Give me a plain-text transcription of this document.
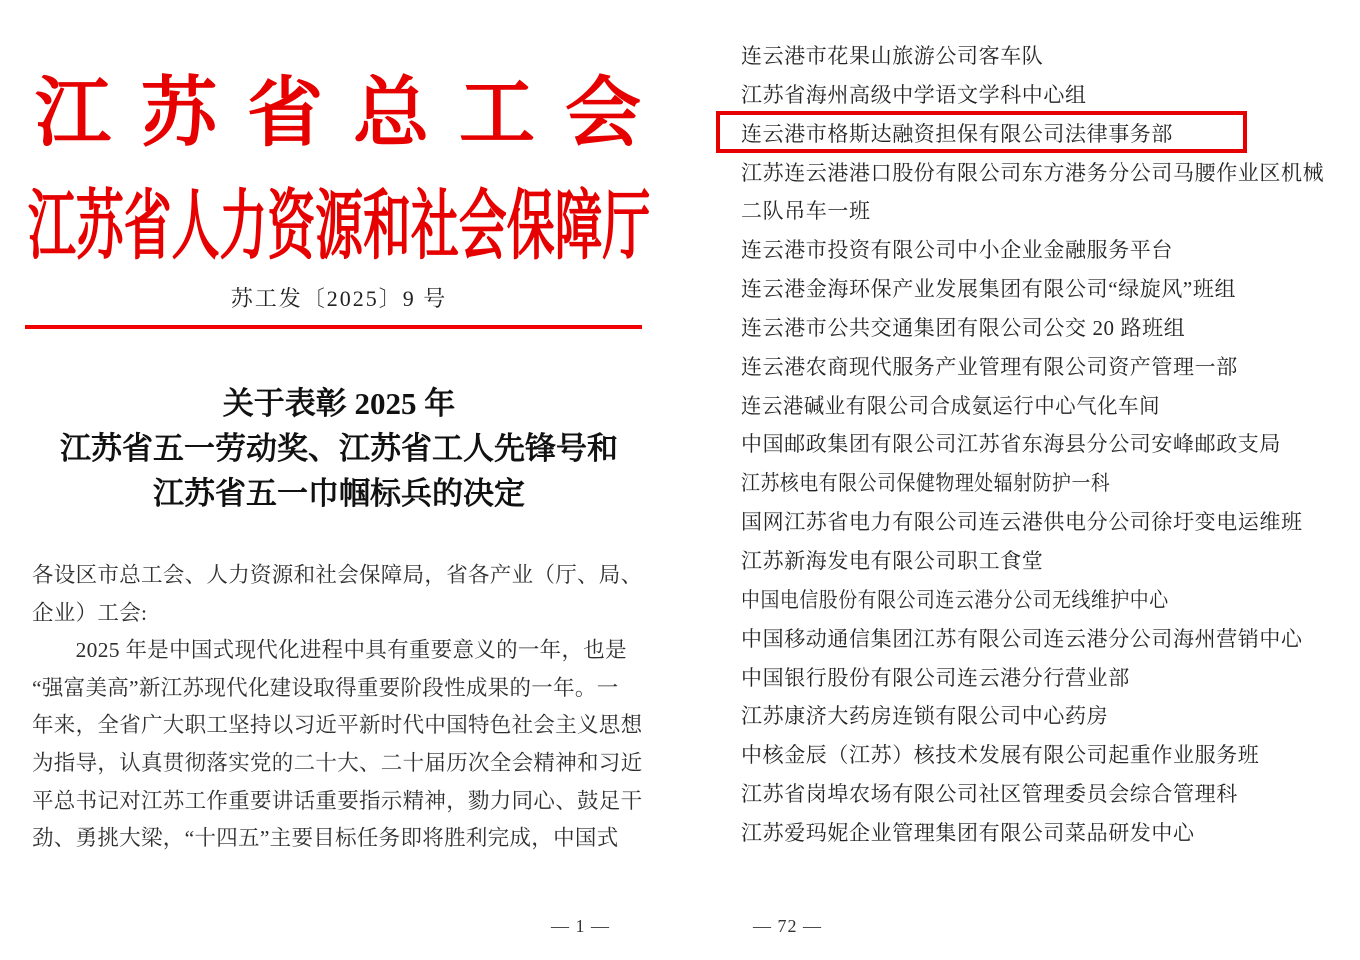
江苏省总工会
江苏省人力资源和社会保障厅
苏工发〔2025〕9 号
关于表彰 2025 年
江苏省五一劳动奖、江苏省工人先锋号和
江苏省五一巾帼标兵的决定
各设区市总工会、人力资源和社会保障局，省各产业（厅、局、
企业）工会:
　　2025 年是中国式现代化进程中具有重要意义的一年，也是
“强富美高”新江苏现代化建设取得重要阶段性成果的一年。一
年来，全省广大职工坚持以习近平新时代中国特色社会主义思想
为指导，认真贯彻落实党的二十大、二十届历次全会精神和习近
平总书记对江苏工作重要讲话重要指示精神，勠力同心、鼓足干
劲、勇挑大梁，“十四五”主要目标任务即将胜利完成，中国式
— 1 —
连云港市花果山旅游公司客车队
江苏省海州高级中学语文学科中心组
连云港市格斯达融资担保有限公司法律事务部
江苏连云港港口股份有限公司东方港务分公司马腰作业区机械
二队吊车一班
连云港市投资有限公司中小企业金融服务平台
连云港金海环保产业发展集团有限公司“绿旋风”班组
连云港市公共交通集团有限公司公交 20 路班组
连云港农商现代服务产业管理有限公司资产管理一部
连云港碱业有限公司合成氨运行中心气化车间
中国邮政集团有限公司江苏省东海县分公司安峰邮政支局
江苏核电有限公司保健物理处辐射防护一科
国网江苏省电力有限公司连云港供电分公司徐圩变电运维班
江苏新海发电有限公司职工食堂
中国电信股份有限公司连云港分公司无线维护中心
中国移动通信集团江苏有限公司连云港分公司海州营销中心
中国银行股份有限公司连云港分行营业部
江苏康济大药房连锁有限公司中心药房
中核金辰（江苏）核技术发展有限公司起重作业服务班
江苏省岗埠农场有限公司社区管理委员会综合管理科
江苏爱玛妮企业管理集团有限公司菜品研发中心
— 72 —
